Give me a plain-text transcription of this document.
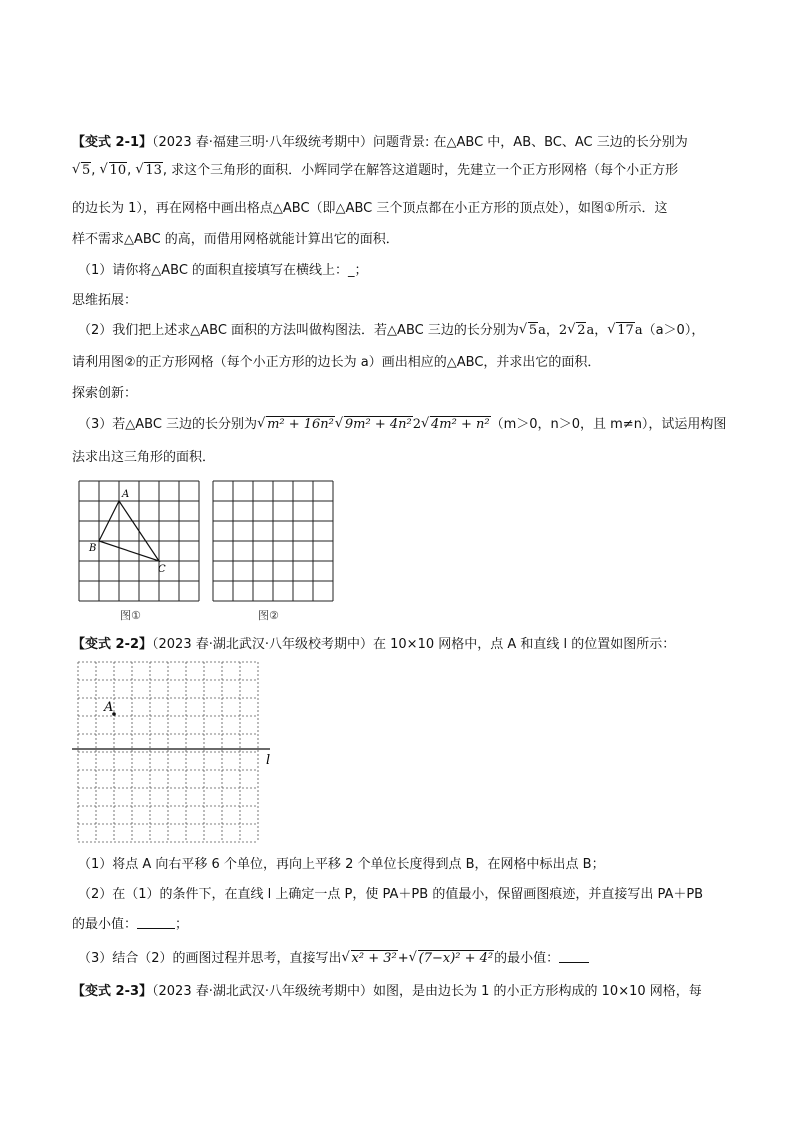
【变式 2-1】（2023 春·福建三明·八年级统考期中）问题背景: 在△ABC 中，AB、BC、AC 三边的长分别为
√ 5, √ 10, √ 13, 求这个三角形的面积．小辉同学在解答这道题时，先建立一个正方形网格（每个小正方形
的边长为 1），再在网格中画出格点△ABC（即△ABC 三个顶点都在小正方形的顶点处），如图①所示．这
样不需求△ABC 的高，而借用网格就能计算出它的面积．
（1）请你将△ABC 的面积直接填写在横线上：_；
思维拓展：
（2）我们把上述求△ABC 面积的方法叫做构图法．若△ABC 三边的长分别为 √ 5a，2 √ 2a， √ 17a（a＞0），
请利用图②的正方形网格（每个小正方形的边长为 a）画出相应的△ABC，并求出它的面积．
探索创新：
（3）若△ABC 三边的长分别为 √ m² + 16n² √ 9m² + 4n²2 √ 4m² + n²（m＞0，n＞0，且 m≠n），试运用构图
法求出这三角形的面积．
A
B
C
图①	图②
【变式 2-2】（2023 春·湖北武汉·八年级校考期中）在 10×10 网格中，点 A 和直线 l 的位置如图所示：
A
l
（1）将点 A 向右平移 6 个单位，再向上平移 2 个单位长度得到点 B，在网格中标出点 B；
（2）在（1）的条件下，在直线 l 上确定一点 P，使 PA＋PB 的值最小，保留画图痕迹，并直接写出 PA＋PB
的最小值：	；
（3）结合（2）的画图过程并思考，直接写出 √ x² + 3²+ √ (7−x)² + 4²的最小值：
【变式 2-3】（2023 春·湖北武汉·八年级统考期中）如图，是由边长为 1 的小正方形构成的 10×10 网格，每
